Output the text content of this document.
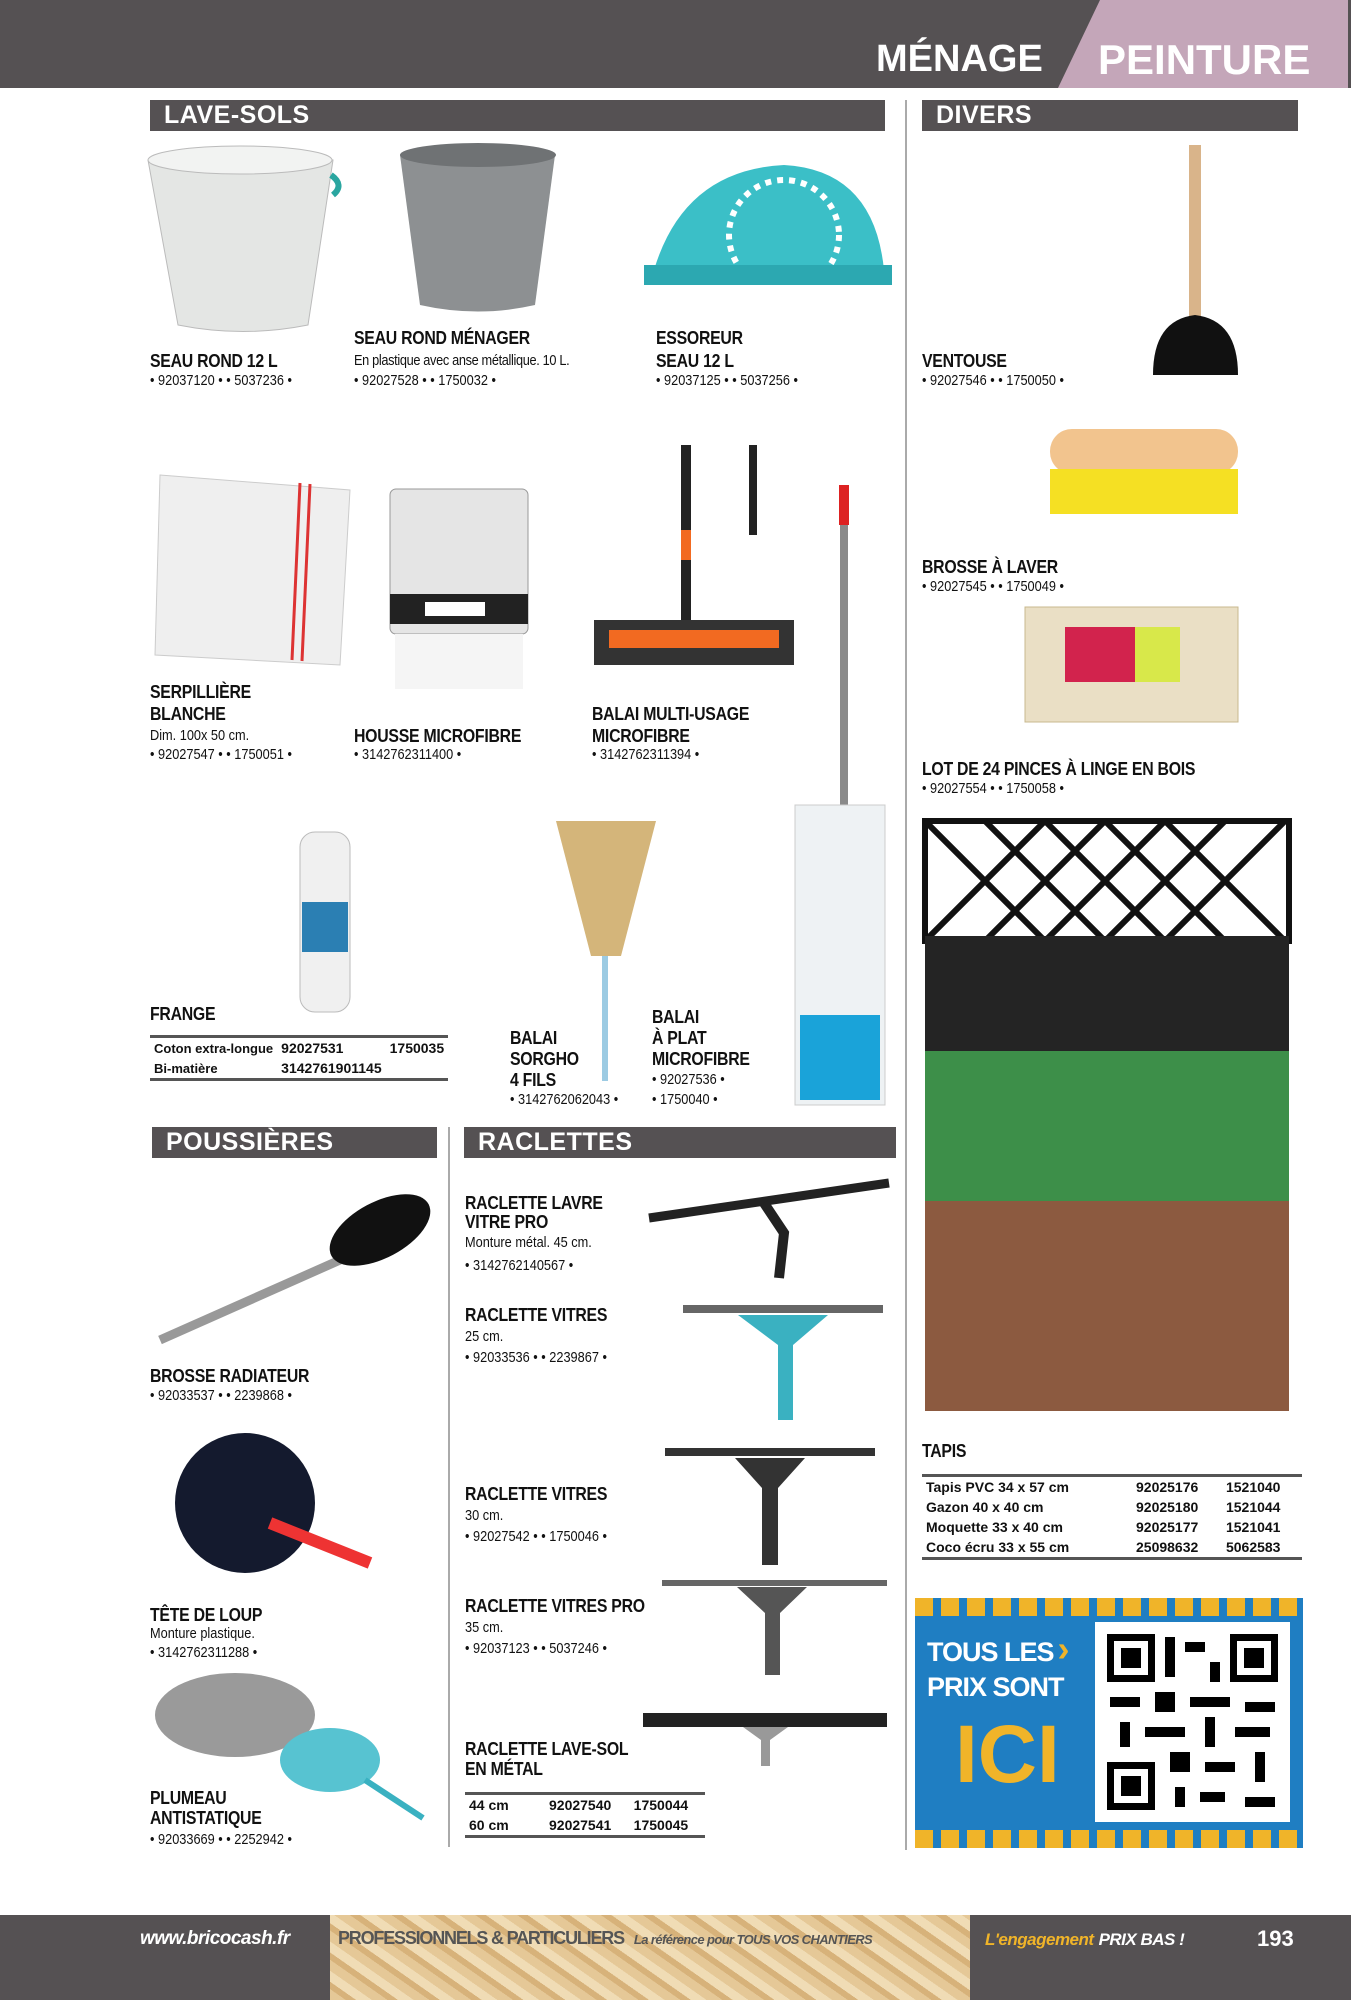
MÉNAGE PEINTURE
LAVE-SOLS	DIVERS
POUSSIÈRES	RACLETTES
SEAU ROND 12 L
• 92037120 • • 5037236 •
SEAU ROND MÉNAGER
En plastique avec anse métallique. 10 L.
• 92027528 • • 1750032 •
ESSOREUR
SEAU 12 L
• 92037125 • • 5037256 •
SERPILLIÈRE
BLANCHE
Dim. 100x 50 cm.
• 92027547 • • 1750051 •
HOUSSE MICROFIBRE
• 3142762311400 •
BALAI MULTI-USAGE
MICROFIBRE
• 3142762311394 •
FRANGE
Coton extra-longue	92027531	1750035
Bi-matière	3142761901145	
BALAI
SORGHO
4 FILS
• 3142762062043 •
BALAI
À PLAT
MICROFIBRE
• 92027536 •
• 1750040 •
VENTOUSE
• 92027546 • • 1750050 •
BROSSE À LAVER
• 92027545 • • 1750049 •
LOT DE 24 PINCES À LINGE EN BOIS
• 92027554 • • 1750058 •
TAPIS
Tapis PVC 34 x 57 cm	92025176	1521040
Gazon 40 x 40 cm	92025180	1521044
Moquette 33 x 40 cm	92025177	1521041
Coco écru 33 x 55 cm	25098632	5062583
TOUS LES ›
PRIX SONT
ICI
BROSSE RADIATEUR
• 92033537 • • 2239868 •
TÊTE DE LOUP
Monture plastique.
• 3142762311288 •
PLUMEAU
ANTISTATIQUE
• 92033669 • • 2252942 •
RACLETTE LAVRE
VITRE PRO
Monture métal. 45 cm.
• 3142762140567 •
RACLETTE VITRES
25 cm.
• 92033536 • • 2239867 •
RACLETTE VITRES
30 cm.
• 92027542 • • 1750046 •
RACLETTE VITRES PRO
35 cm.
• 92037123 • • 5037246 •
RACLETTE LAVE-SOL
EN MÉTAL
44 cm	92027540	1750044
60 cm	92027541	1750045
www.bricocash.fr	PROFESSIONNELS & PARTICULIERS La référence pour TOUS VOS CHANTIERS	L'engagement PRIX BAS !	193
